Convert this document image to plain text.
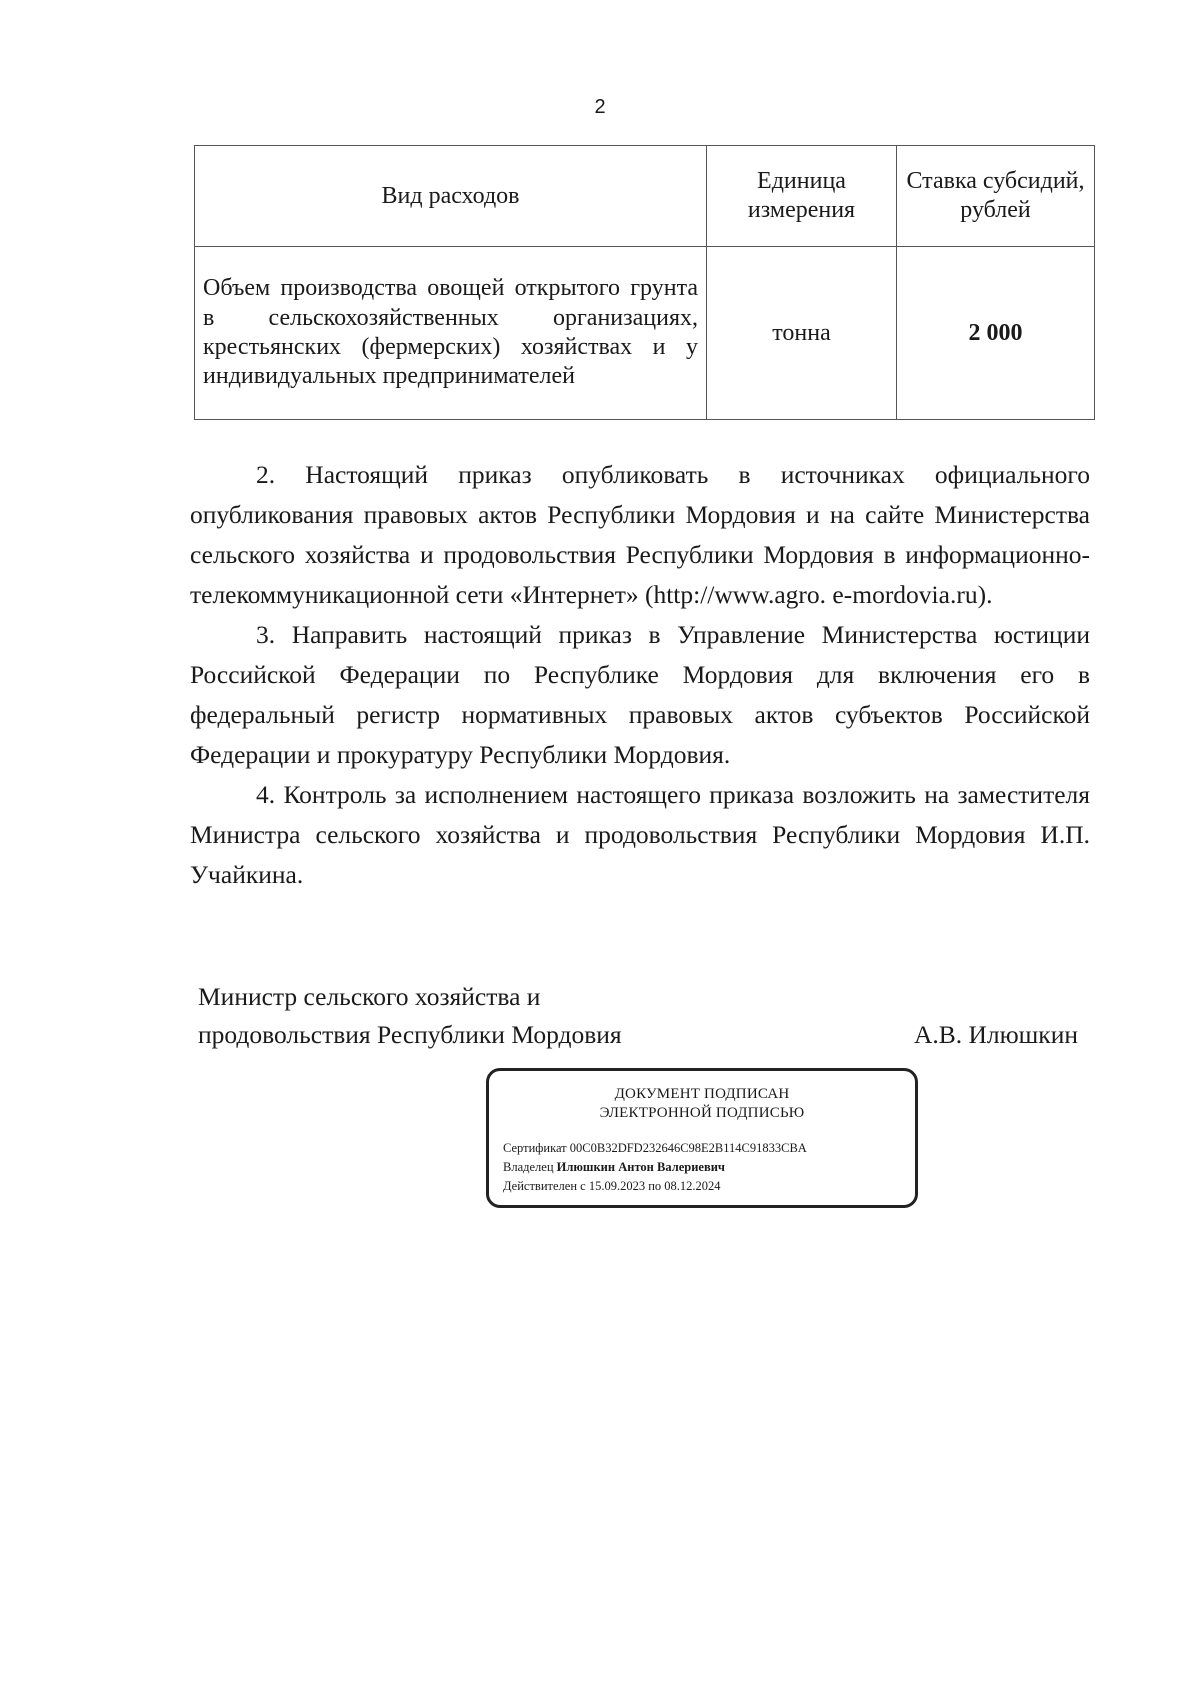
2
Вид расходов	Единица измерения	Ставка субсидий, рублей
Объем производства овощей открытого грунта в сельскохозяйственных организациях, крестьянских (фермерских) хозяйствах и у индивидуальных предпринимателей	тонна	2 000

2. Настоящий приказ опубликовать в источниках официального опубликования правовых актов Республики Мордовия и на сайте Министерства сельского хозяйства и продовольствия Республики Мордовия в информационно-телекоммуникационной сети «Интернет» (http://www.agro. e-mordovia.ru).

3. Направить настоящий приказ в Управление Министерства юстиции Российской Федерации по Республике Мордовия для включения его в федеральный регистр нормативных правовых актов субъектов Российской Федерации и прокуратуру Республики Мордовия.

4. Контроль за исполнением настоящего приказа возложить на заместителя Министра сельского хозяйства и продовольствия Республики Мордовия И.П. Учайкина.

Министр сельского хозяйства и
продовольствия Республики Мордовия	А.В. Илюшкин
ДОКУМЕНТ ПОДПИСАН
ЭЛЕКТРОННОЙ ПОДПИСЬЮ
Сертификат 00C0B32DFD232646C98E2B114C91833CBA
Владелец Илюшкин Антон Валериевич
Действителен с 15.09.2023 по 08.12.2024
